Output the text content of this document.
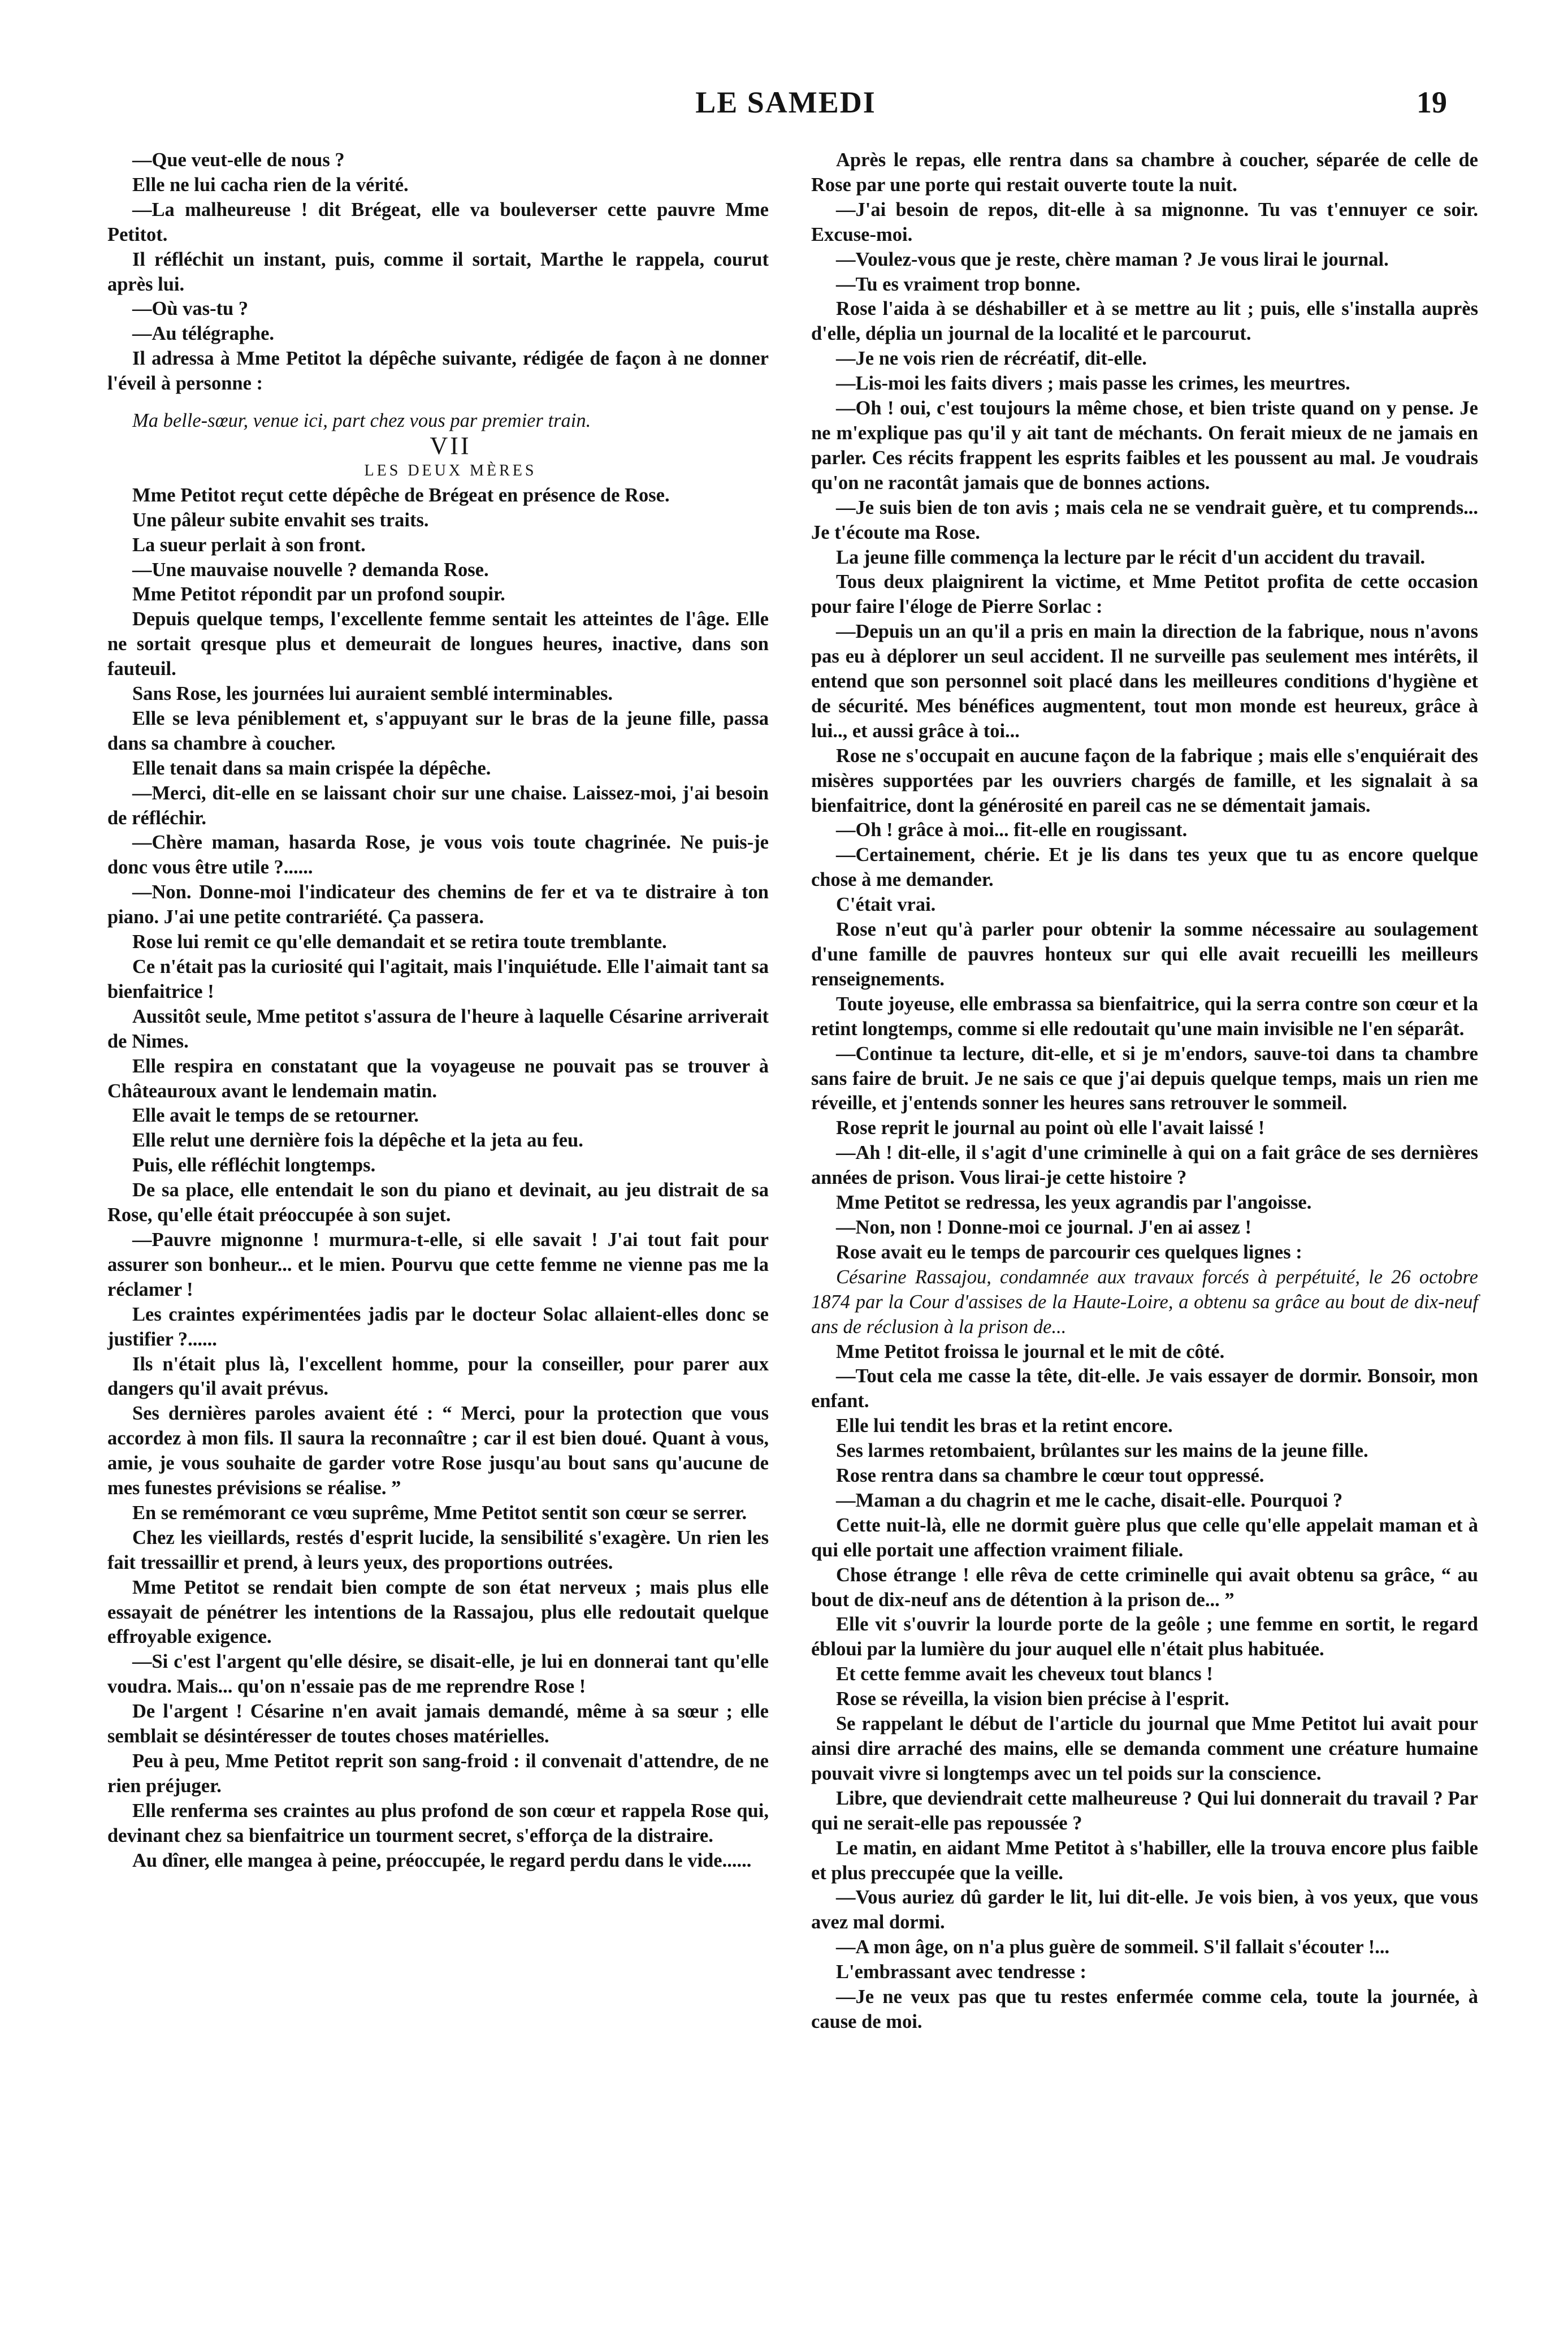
LE SAMEDI	19

—Que veut-elle de nous ?

Elle ne lui cacha rien de la vérité.

—La malheureuse ! dit Brégeat, elle va bouleverser cette pauvre Mme Petitot.

Il réfléchit un instant, puis, comme il sortait, Marthe le rappela, courut après lui.

—Où vas-tu ?

—Au télégraphe.

Il adressa à Mme Petitot la dépêche suivante, rédigée de façon à ne donner l'éveil à personne :

Ma belle-sœur, venue ici, part chez vous par premier train.

VII

LES DEUX MÈRES

Mme Petitot reçut cette dépêche de Brégeat en présence de Rose.

Une pâleur subite envahit ses traits.

La sueur perlait à son front.

—Une mauvaise nouvelle ? demanda Rose.

Mme Petitot répondit par un profond soupir.

Depuis quelque temps, l'excellente femme sentait les atteintes de l'âge. Elle ne sortait qresque plus et demeurait de longues heures, inactive, dans son fauteuil.

Sans Rose, les journées lui auraient semblé interminables.

Elle se leva péniblement et, s'appuyant sur le bras de la jeune fille, passa dans sa chambre à coucher.

Elle tenait dans sa main crispée la dépêche.

—Merci, dit-elle en se laissant choir sur une chaise. Laissez-moi, j'ai besoin de réfléchir.

—Chère maman, hasarda Rose, je vous vois toute chagrinée. Ne puis-je donc vous être utile ?......

—Non. Donne-moi l'indicateur des chemins de fer et va te distraire à ton piano. J'ai une petite contrariété. Ça passera.

Rose lui remit ce qu'elle demandait et se retira toute tremblante.

Ce n'était pas la curiosité qui l'agitait, mais l'inquiétude. Elle l'aimait tant sa bienfaitrice !

Aussitôt seule, Mme petitot s'assura de l'heure à laquelle Césarine arriverait de Nimes.

Elle respira en constatant que la voyageuse ne pouvait pas se trouver à Châteauroux avant le lendemain matin.

Elle avait le temps de se retourner.

Elle relut une dernière fois la dépêche et la jeta au feu.

Puis, elle réfléchit longtemps.

De sa place, elle entendait le son du piano et devinait, au jeu distrait de sa Rose, qu'elle était préoccupée à son sujet.

—Pauvre mignonne ! murmura-t-elle, si elle savait ! J'ai tout fait pour assurer son bonheur... et le mien. Pourvu que cette femme ne vienne pas me la réclamer !

Les craintes expérimentées jadis par le docteur Solac allaient-elles donc se justifier ?......

Ils n'était plus là, l'excellent homme, pour la conseiller, pour parer aux dangers qu'il avait prévus.

Ses dernières paroles avaient été : “ Merci, pour la protection que vous accordez à mon fils. Il saura la reconnaître ; car il est bien doué. Quant à vous, amie, je vous souhaite de garder votre Rose jusqu'au bout sans qu'aucune de mes funestes prévisions se réalise. ”

En se remémorant ce vœu suprême, Mme Petitot sentit son cœur se serrer.

Chez les vieillards, restés d'esprit lucide, la sensibilité s'exagère. Un rien les fait tressaillir et prend, à leurs yeux, des proportions outrées.

Mme Petitot se rendait bien compte de son état nerveux ; mais plus elle essayait de pénétrer les intentions de la Rassajou, plus elle redoutait quelque effroyable exigence.

—Si c'est l'argent qu'elle désire, se disait-elle, je lui en donnerai tant qu'elle voudra. Mais... qu'on n'essaie pas de me reprendre Rose !

De l'argent ! Césarine n'en avait jamais demandé, même à sa sœur ; elle semblait se désintéresser de toutes choses matérielles.

Peu à peu, Mme Petitot reprit son sang-froid : il convenait d'attendre, de ne rien préjuger.

Elle renferma ses craintes au plus profond de son cœur et rappela Rose qui, devinant chez sa bienfaitrice un tourment secret, s'efforça de la distraire.

Au dîner, elle mangea à peine, préoccupée, le regard perdu dans le vide......

Après le repas, elle rentra dans sa chambre à coucher, séparée de celle de Rose par une porte qui restait ouverte toute la nuit.

—J'ai besoin de repos, dit-elle à sa mignonne. Tu vas t'ennuyer ce soir. Excuse-moi.

—Voulez-vous que je reste, chère maman ? Je vous lirai le journal.

—Tu es vraiment trop bonne.

Rose l'aida à se déshabiller et à se mettre au lit ; puis, elle s'installa auprès d'elle, déplia un journal de la localité et le parcourut.

—Je ne vois rien de récréatif, dit-elle.

—Lis-moi les faits divers ; mais passe les crimes, les meurtres.

—Oh ! oui, c'est toujours la même chose, et bien triste quand on y pense. Je ne m'explique pas qu'il y ait tant de méchants. On ferait mieux de ne jamais en parler. Ces récits frappent les esprits faibles et les poussent au mal. Je voudrais qu'on ne racontât jamais que de bonnes actions.

—Je suis bien de ton avis ; mais cela ne se vendrait guère, et tu comprends... Je t'écoute ma Rose.

La jeune fille commença la lecture par le récit d'un accident du travail.

Tous deux plaignirent la victime, et Mme Petitot profita de cette occasion pour faire l'éloge de Pierre Sorlac :

—Depuis un an qu'il a pris en main la direction de la fabrique, nous n'avons pas eu à déplorer un seul accident. Il ne surveille pas seulement mes intérêts, il entend que son personnel soit placé dans les meilleures conditions d'hygiène et de sécurité. Mes bénéfices augmentent, tout mon monde est heureux, grâce à lui.., et aussi grâce à toi...

Rose ne s'occupait en aucune façon de la fabrique ; mais elle s'enquiérait des misères supportées par les ouvriers chargés de famille, et les signalait à sa bienfaitrice, dont la générosité en pareil cas ne se démentait jamais.

—Oh ! grâce à moi... fit-elle en rougissant.

—Certainement, chérie. Et je lis dans tes yeux que tu as encore quelque chose à me demander.

C'était vrai.

Rose n'eut qu'à parler pour obtenir la somme nécessaire au soulagement d'une famille de pauvres honteux sur qui elle avait recueilli les meilleurs renseignements.

Toute joyeuse, elle embrassa sa bienfaitrice, qui la serra contre son cœur et la retint longtemps, comme si elle redoutait qu'une main invisible ne l'en séparât.

—Continue ta lecture, dit-elle, et si je m'endors, sauve-toi dans ta chambre sans faire de bruit. Je ne sais ce que j'ai depuis quelque temps, mais un rien me réveille, et j'entends sonner les heures sans retrouver le sommeil.

Rose reprit le journal au point où elle l'avait laissé !

—Ah ! dit-elle, il s'agit d'une criminelle à qui on a fait grâce de ses dernières années de prison. Vous lirai-je cette histoire ?

Mme Petitot se redressa, les yeux agrandis par l'angoisse.

—Non, non ! Donne-moi ce journal. J'en ai assez !

Rose avait eu le temps de parcourir ces quelques lignes :

Césarine Rassajou, condamnée aux travaux forcés à perpétuité, le 26 octobre 1874 par la Cour d'assises de la Haute-Loire, a obtenu sa grâce au bout de dix-neuf ans de réclusion à la prison de...

Mme Petitot froissa le journal et le mit de côté.

—Tout cela me casse la tête, dit-elle. Je vais essayer de dormir. Bonsoir, mon enfant.

Elle lui tendit les bras et la retint encore.

Ses larmes retombaient, brûlantes sur les mains de la jeune fille.

Rose rentra dans sa chambre le cœur tout oppressé.

—Maman a du chagrin et me le cache, disait-elle. Pourquoi ?

Cette nuit-là, elle ne dormit guère plus que celle qu'elle appelait maman et à qui elle portait une affection vraiment filiale.

Chose étrange ! elle rêva de cette criminelle qui avait obtenu sa grâce, “ au bout de dix-neuf ans de détention à la prison de... ”

Elle vit s'ouvrir la lourde porte de la geôle ; une femme en sortit, le regard ébloui par la lumière du jour auquel elle n'était plus habituée.

Et cette femme avait les cheveux tout blancs !

Rose se réveilla, la vision bien précise à l'esprit.

Se rappelant le début de l'article du journal que Mme Petitot lui avait pour ainsi dire arraché des mains, elle se demanda comment une créature humaine pouvait vivre si longtemps avec un tel poids sur la conscience.

Libre, que deviendrait cette malheureuse ? Qui lui donnerait du travail ? Par qui ne serait-elle pas repoussée ?

Le matin, en aidant Mme Petitot à s'habiller, elle la trouva encore plus faible et plus preccupée que la veille.

—Vous auriez dû garder le lit, lui dit-elle. Je vois bien, à vos yeux, que vous avez mal dormi.

—A mon âge, on n'a plus guère de sommeil. S'il fallait s'écouter !...

L'embrassant avec tendresse :

—Je ne veux pas que tu restes enfermée comme cela, toute la journée, à cause de moi.
